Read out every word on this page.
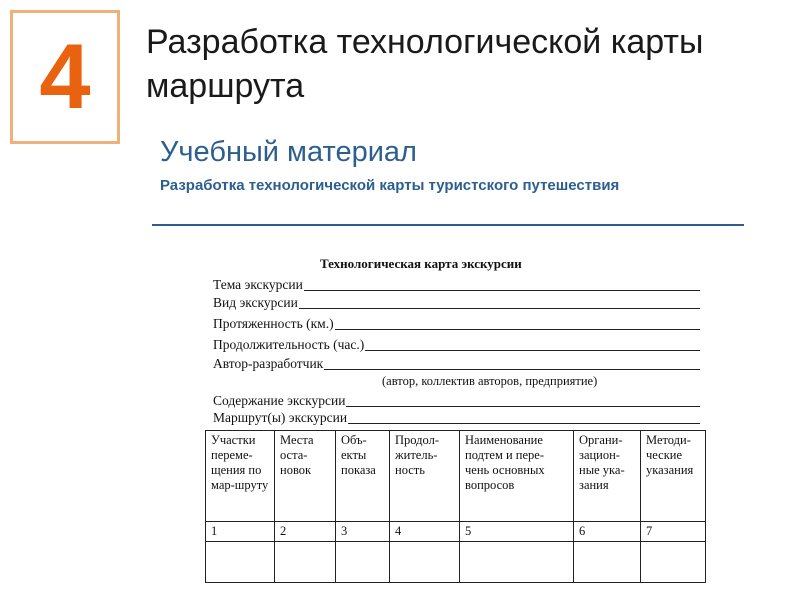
4 Разработка технологической карты
маршрута
Учебный материал
Разработка технологической карты туристского путешествия
Технологическая карта экскурсии
Тема экскурсии
Вид экскурсии
Протяженность (км.)
Продолжительность (час.)
Автор-разработчик
(автор, коллектив авторов, предприятие)
Содержание экскурсии
Маршрут(ы) экскурсии
Участки переме-щения по мар-шруту	Места оста-новок	Объ-екты показа	Продол-житель-ность	Наименование подтем и пере-чень основных вопросов	Органи-зацион-ные ука-зания	Методи-ческие указания
1	2	3	4	5	6	7
